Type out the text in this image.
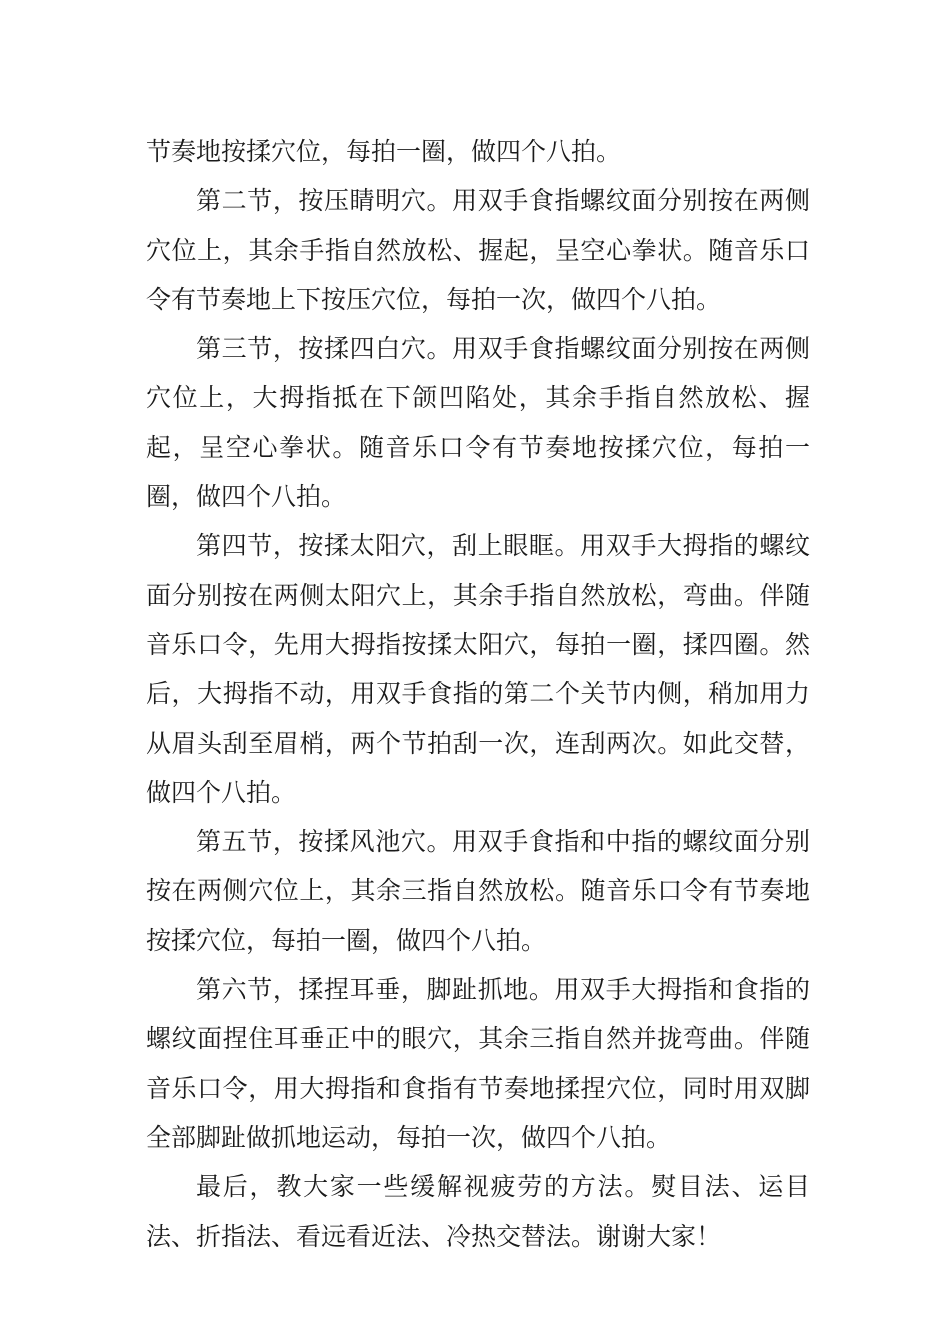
节奏地按揉穴位，每拍一圈，做四个八拍。

第二节，按压睛明穴。用双手食指螺纹面分别按在两侧穴位上，其余手指自然放松、握起，呈空心拳状。随音乐口令有节奏地上下按压穴位，每拍一次，做四个八拍。

第三节，按揉四白穴。用双手食指螺纹面分别按在两侧穴位上，大拇指抵在下颌凹陷处，其余手指自然放松、握起，呈空心拳状。随音乐口令有节奏地按揉穴位，每拍一圈，做四个八拍。

第四节，按揉太阳穴，刮上眼眶。用双手大拇指的螺纹面分别按在两侧太阳穴上，其余手指自然放松，弯曲。伴随音乐口令，先用大拇指按揉太阳穴，每拍一圈，揉四圈。然后，大拇指不动，用双手食指的第二个关节内侧，稍加用力从眉头刮至眉梢，两个节拍刮一次，连刮两次。如此交替，做四个八拍。

第五节，按揉风池穴。用双手食指和中指的螺纹面分别按在两侧穴位上，其余三指自然放松。随音乐口令有节奏地按揉穴位，每拍一圈，做四个八拍。

第六节，揉捏耳垂，脚趾抓地。用双手大拇指和食指的螺纹面捏住耳垂正中的眼穴，其余三指自然并拢弯曲。伴随音乐口令，用大拇指和食指有节奏地揉捏穴位，同时用双脚全部脚趾做抓地运动，每拍一次，做四个八拍。

最后，教大家一些缓解视疲劳的方法。熨目法、运目法、折指法、看远看近法、冷热交替法。谢谢大家！
